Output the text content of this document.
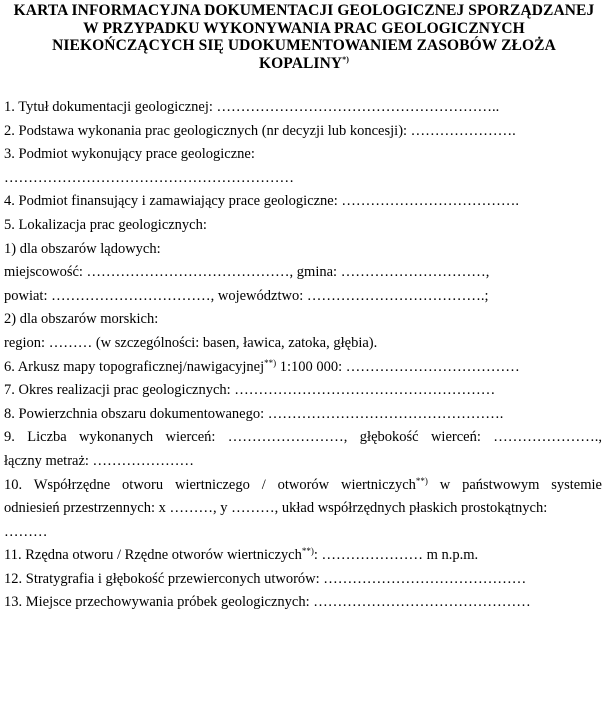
KARTA INFORMACYJNA DOKUMENTACJI GEOLOGICZNEJ SPORZĄDZANEJ
W PRZYPADKU WYKONYWANIA PRAC GEOLOGICZNYCH
NIEKOŃCZĄCYCH SIĘ UDOKUMENTOWANIEM ZASOBÓW ZŁOŻA
KOPALINY*)
1. Tytuł dokumentacji geologicznej: …………………………………………………..
2. Podstawa wykonania prac geologicznych (nr decyzji lub koncesji): ………………….
3. Podmiot wykonujący prace geologiczne:
……………………………………………………
4. Podmiot finansujący i zamawiający prace geologiczne: ……………………………….
5. Lokalizacja prac geologicznych:
1) dla obszarów lądowych:
miejscowość: ……………………………………, gmina: …………………………,
powiat: ……………………………, województwo: ……………………………….;
2) dla obszarów morskich:
region: ……… (w szczególności: basen, ławica, zatoka, głębia).
6. Arkusz mapy topograficznej/nawigacyjnej**) 1:100 000: ………………………………
7. Okres realizacji prac geologicznych: ………………………………………………
8. Powierzchnia obszaru dokumentowanego: ………………………………………….
9. Liczba wykonanych wierceń: ……………………, głębokość wierceń: ………………….,
łączny metraż: …………………
10. Współrzędne otworu wiertniczego / otworów wiertniczych**) w państwowym systemie
odniesień przestrzennych: x ………, y ………, układ współrzędnych płaskich prostokątnych:
………
11. Rzędna otworu / Rzędne otworów wiertniczych**): ………………… m n.p.m.
12. Stratygrafia i głębokość przewierconych utworów: ……………………………………
13. Miejsce przechowywania próbek geologicznych: ………………………………………
